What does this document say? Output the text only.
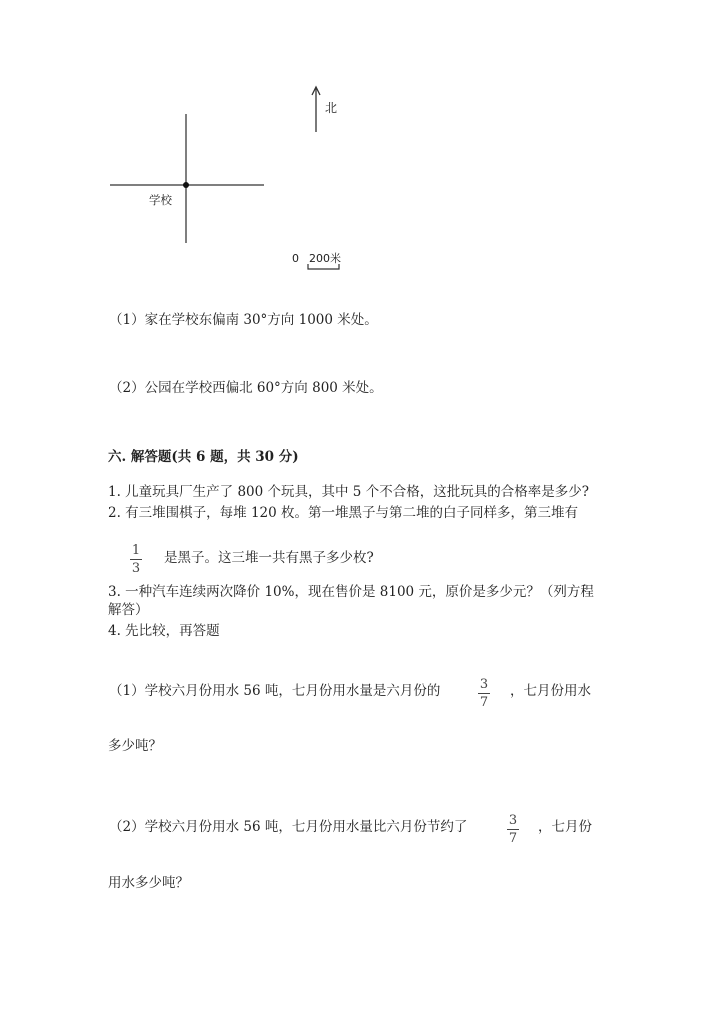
北
学校
0 200米
（1）家在学校东偏南 30°方向 1000 米处。
（2）公园在学校西偏北 60°方向 800 米处。
六. 解答题(共 6 题，共 30 分)
1. 儿童玩具厂生产了 800 个玩具，其中 5 个不合格，这批玩具的合格率是多少?
2. 有三堆围棋子，每堆 120 枚。第一堆黑子与第二堆的白子同样多，第三堆有
1
3
是黑子。这三堆一共有黑子多少枚?
3. 一种汽车连续两次降价 10%，现在售价是 8100 元，原价是多少元？（列方程
解答）
4. 先比较，再答题
（1）学校六月份用水 56 吨，七月份用水量是六月份的	3
7
，七月份用水
多少吨？
（2）学校六月份用水 56 吨，七月份用水量比六月份节约了	3
7
，七月份
用水多少吨？
